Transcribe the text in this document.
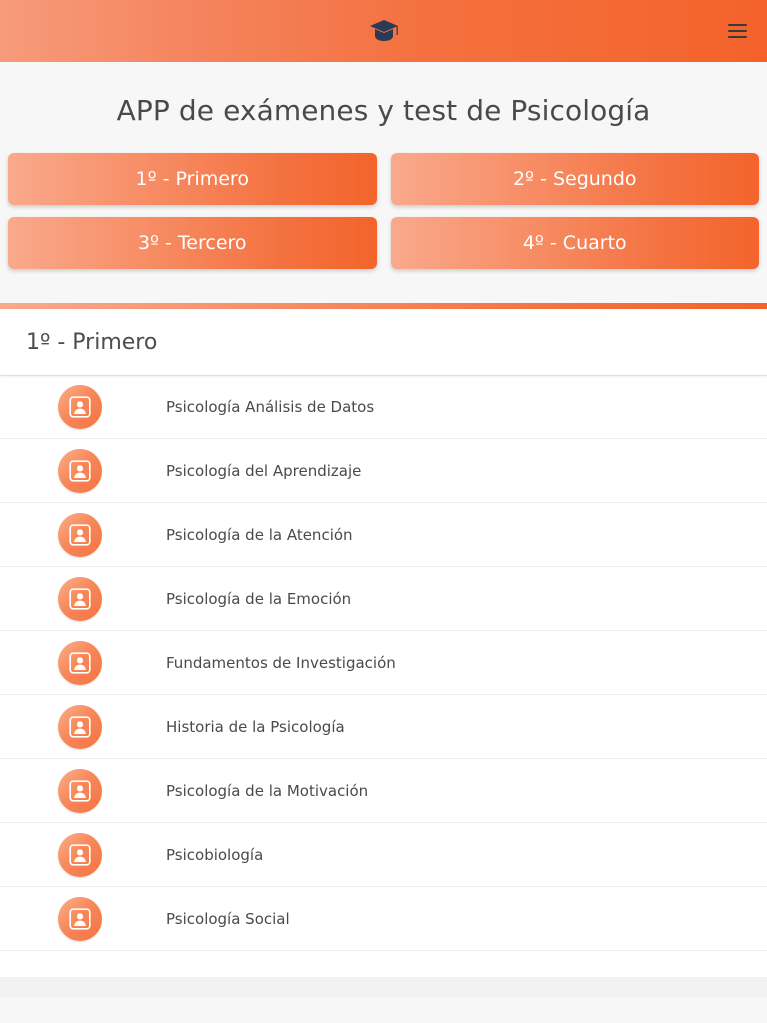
APP de exámenes y test de Psicología
1º - Primero	2º - Segundo
3º - Tercero	4º - Cuarto
1º - Primero
Psicología Análisis de Datos
Psicología del Aprendizaje
Psicología de la Atención
Psicología de la Emoción
Fundamentos de Investigación
Historia de la Psicología
Psicología de la Motivación
Psicobiología
Psicología Social
